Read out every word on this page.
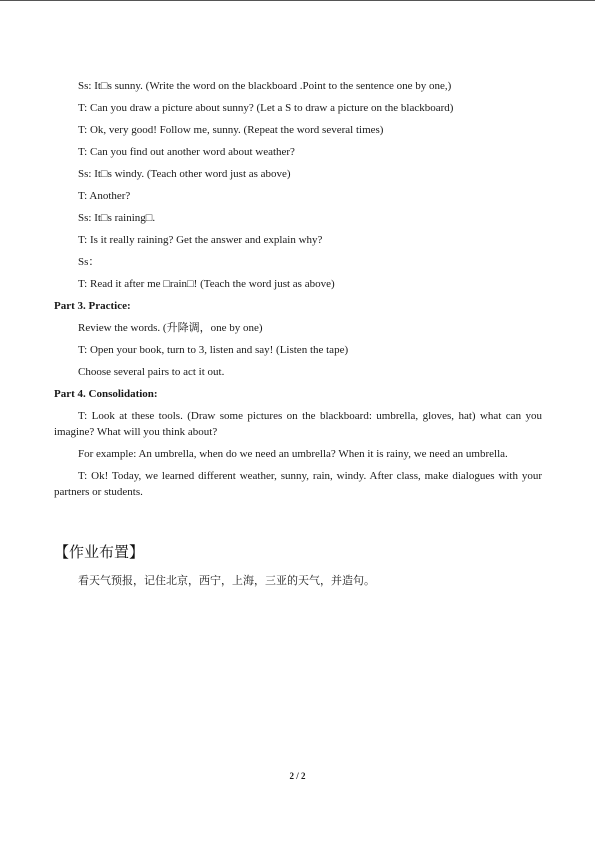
Ss: It□s sunny. (Write the word on the blackboard .Point to the sentence one by one,)

T: Can you draw a picture about sunny? (Let a S to draw a picture on the blackboard)

T: Ok, very good! Follow me, sunny. (Repeat the word several times)

T: Can you find out another word about weather?

Ss: It□s windy. (Teach other word just as above)

T: Another?

Ss: It□s raining□.

T: Is it really raining? Get the answer and explain why?

Ss：

T: Read it after me □rain□! (Teach the word just as above)

Part 3. Practice:

Review the words. (升降调，one by one)

T: Open your book, turn to 3, listen and say! (Listen the tape)

Choose several pairs to act it out.

Part 4. Consolidation:

T: Look at these tools. (Draw some pictures on the blackboard: umbrella, gloves, hat) what can you imagine? What will you think about?

For example: An umbrella, when do we need an umbrella? When it is rainy, we need an umbrella.

T: Ok! Today, we learned different weather, sunny, rain, windy. After class, make dialogues with your partners or students.

【作业布置】
看天气预报，记住北京，西宁，上海，三亚的天气，并造句。
2 / 2
